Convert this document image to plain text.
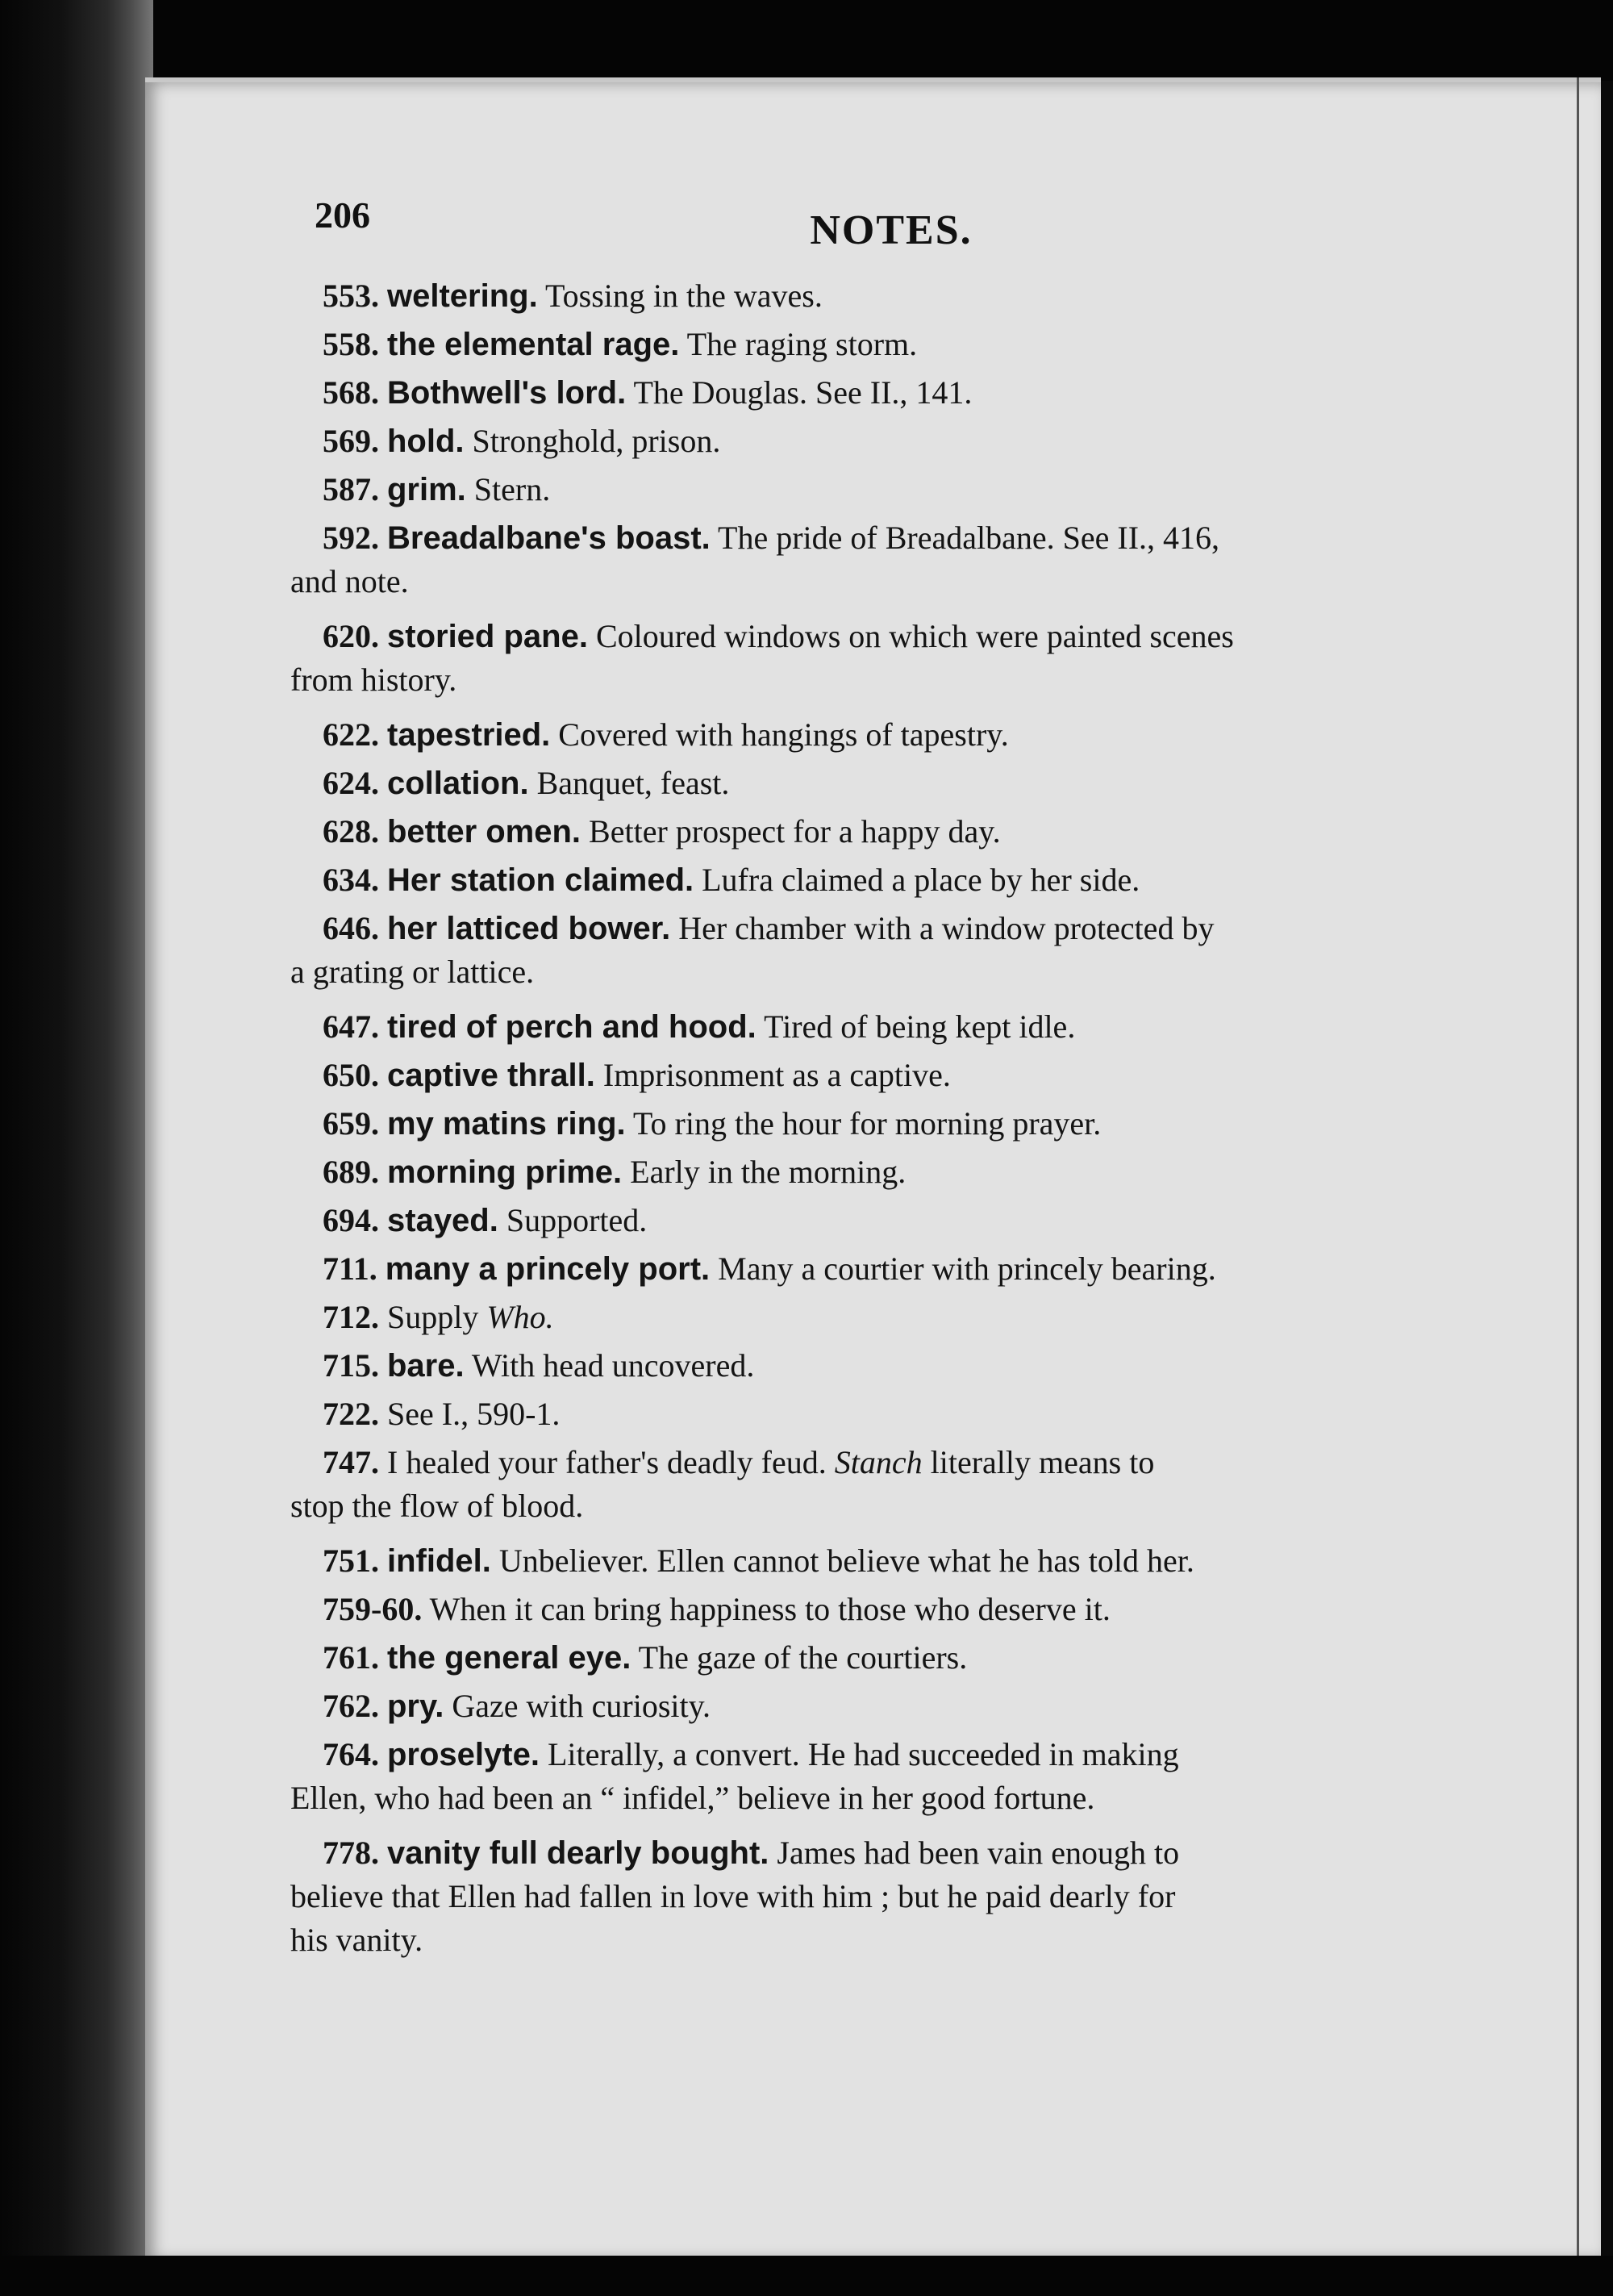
206	NOTES.

553. weltering. Tossing in the waves.

558. the elemental rage. The raging storm.

568. Bothwell's lord. The Douglas. See II., 141.

569. hold. Stronghold, prison.

587. grim. Stern.

592. Breadalbane's boast. The pride of Breadalbane. See II., 416,
and note.
620. storied pane. Coloured windows on which were painted scenes
from history.

622. tapestried. Covered with hangings of tapestry.

624. collation. Banquet, feast.

628. better omen. Better prospect for a happy day.

634. Her station claimed. Lufra claimed a place by her side.

646. her latticed bower. Her chamber with a window protected by
a grating or lattice.

647. tired of perch and hood. Tired of being kept idle.

650. captive thrall. Imprisonment as a captive.

659. my matins ring. To ring the hour for morning prayer.

689. morning prime. Early in the morning.

694. stayed. Supported.

711. many a princely port. Many a courtier with princely bearing.

712. Supply Who.

715. bare. With head uncovered.

722. See I., 590-1.

747. I healed your father's deadly feud. Stanch literally means to
stop the flow of blood.

751. infidel. Unbeliever. Ellen cannot believe what he has told her.

759-60. When it can bring happiness to those who deserve it.

761. the general eye. The gaze of the courtiers.

762. pry. Gaze with curiosity.

764. proselyte. Literally, a convert. He had succeeded in making
Ellen, who had been an “ infidel,” believe in her good fortune.
778. vanity full dearly bought. James had been vain enough to
believe that Ellen had fallen in love with him ; but he paid dearly for
his vanity.
